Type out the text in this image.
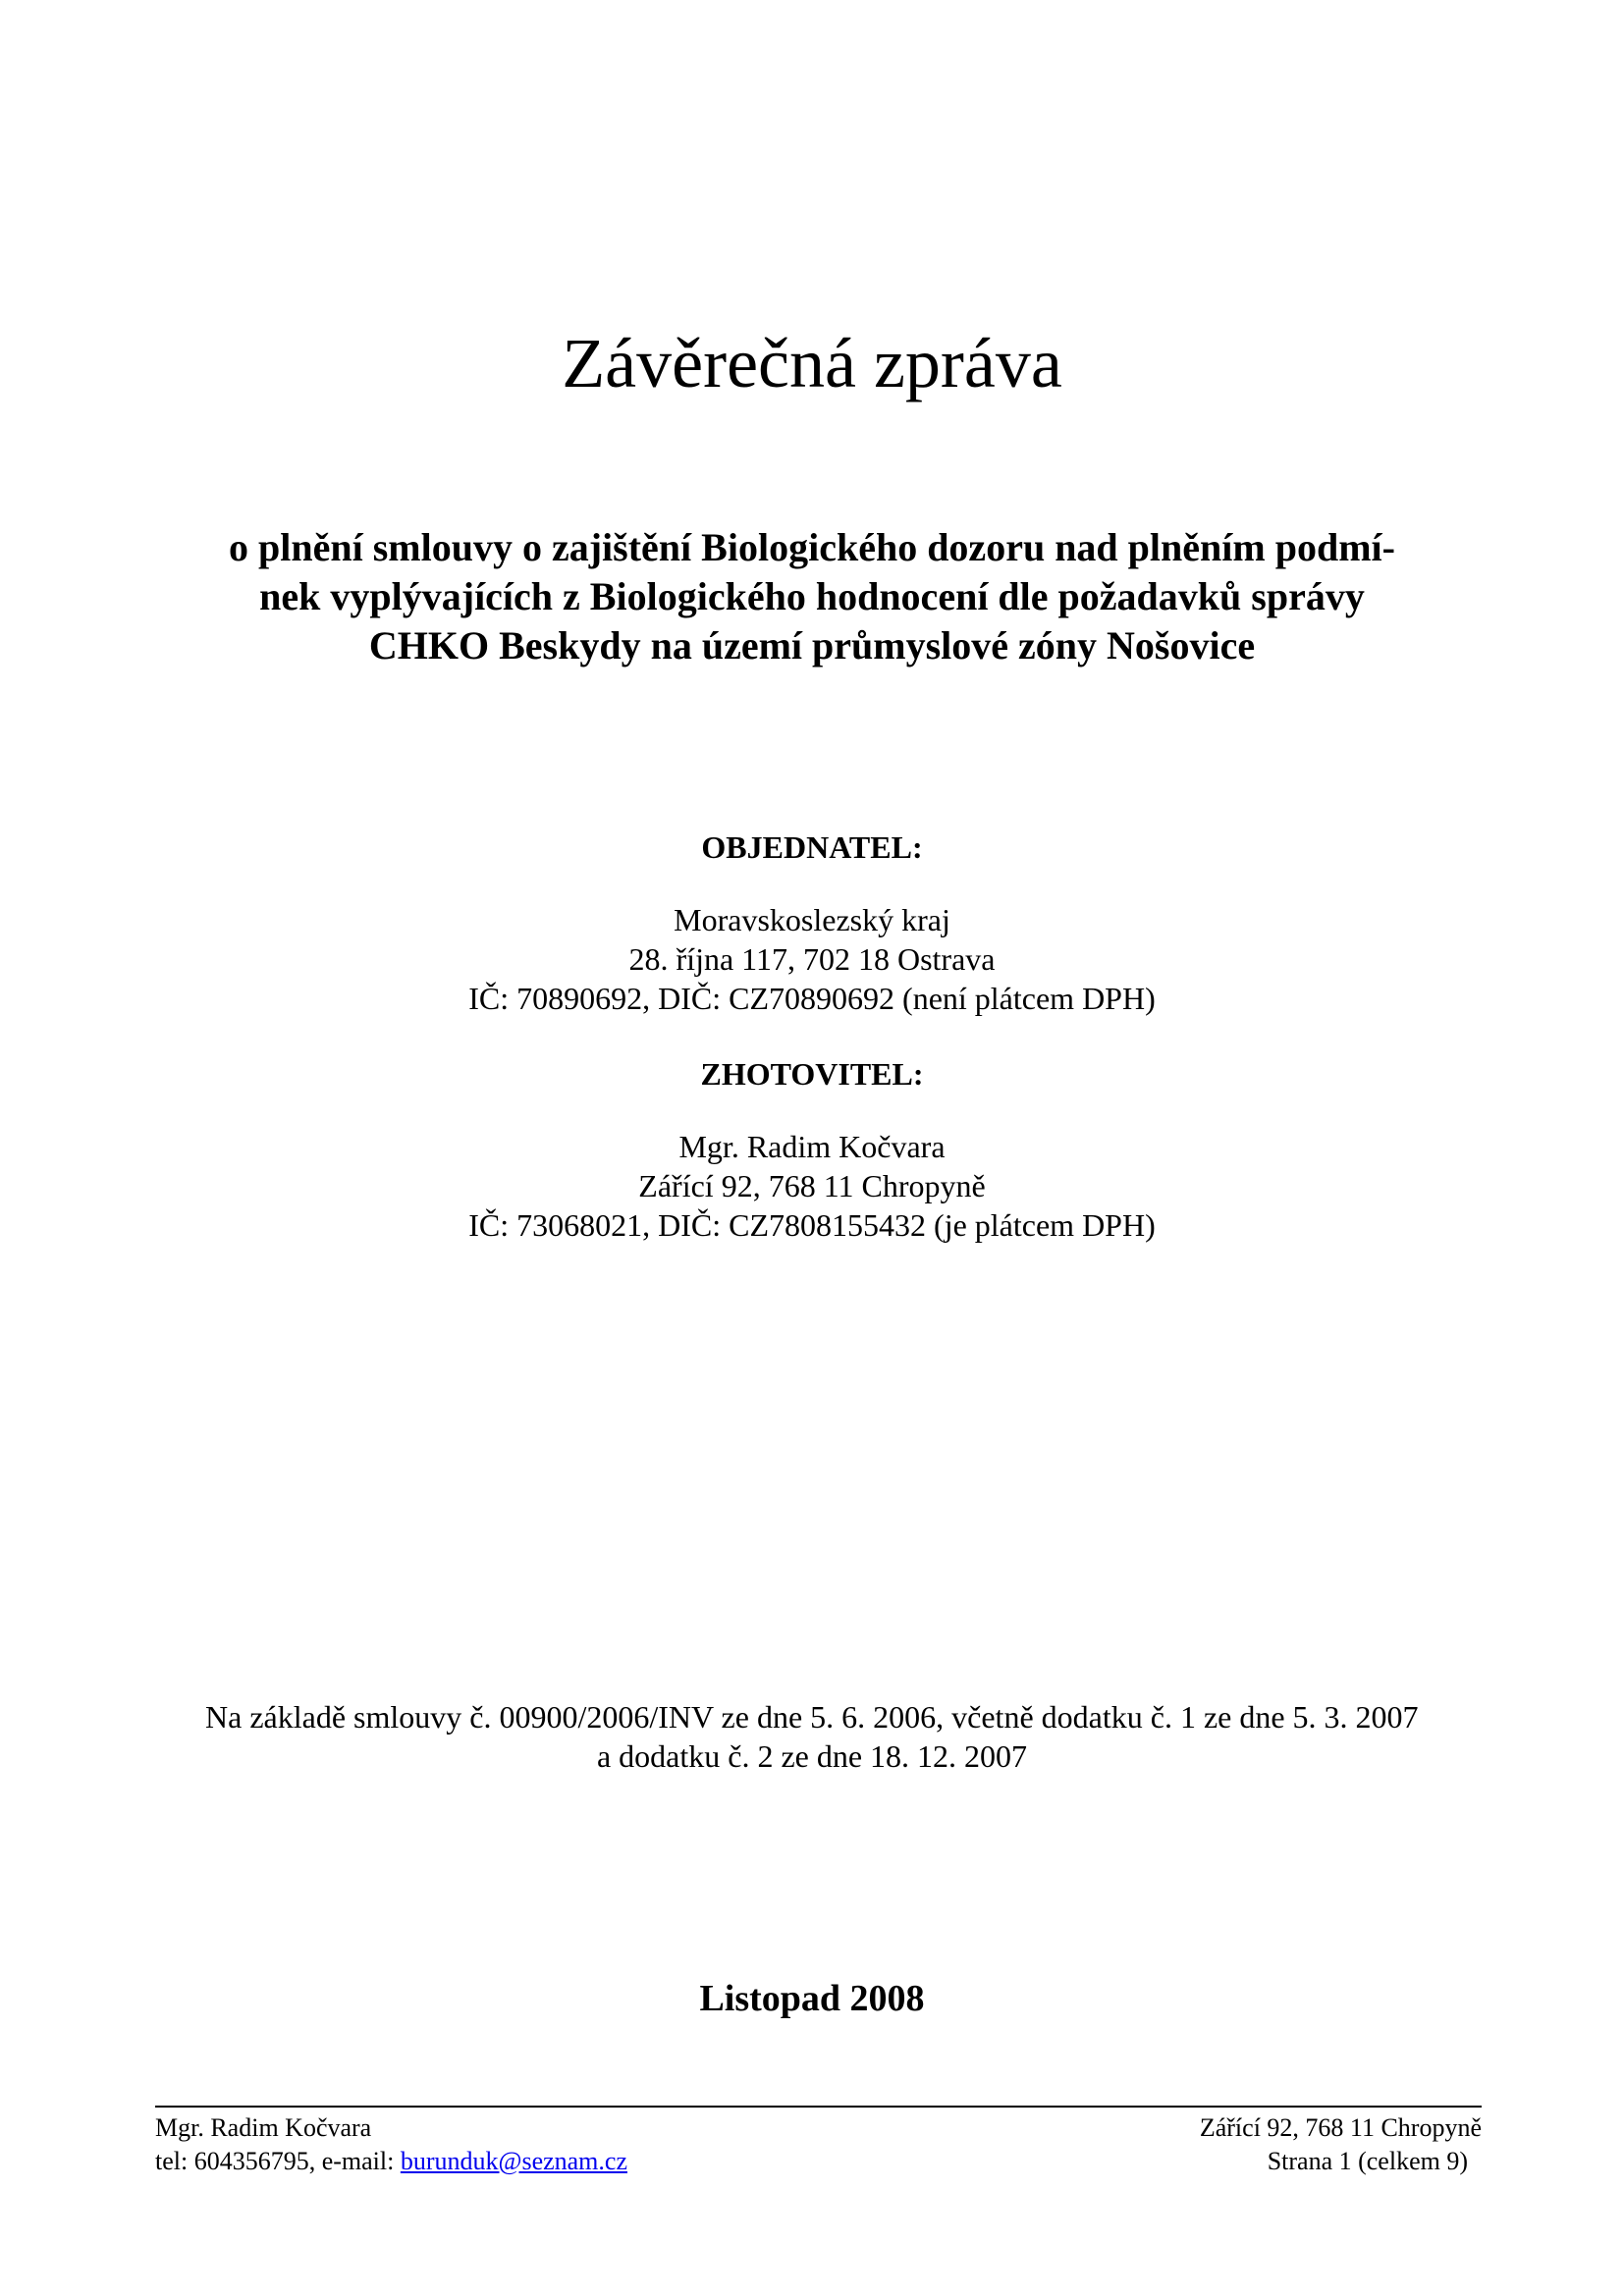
Závěrečná zpráva
o plnění smlouvy o zajištění Biologického dozoru nad plněním podmí-
nek vyplývajících z Biologického hodnocení dle požadavků správy
CHKO Beskydy na území průmyslové zóny Nošovice
OBJEDNATEL:
Moravskoslezský kraj
28. října 117, 702 18 Ostrava
IČ: 70890692, DIČ: CZ70890692 (není plátcem DPH)
ZHOTOVITEL:
Mgr. Radim Kočvara
Zářící 92, 768 11 Chropyně
IČ: 73068021, DIČ: CZ7808155432 (je plátcem DPH)
Na základě smlouvy č. 00900/2006/INV ze dne 5. 6. 2006, včetně dodatku č. 1 ze dne 5. 3. 2007
a dodatku č. 2 ze dne 18. 12. 2007
Listopad 2008
Mgr. Radim Kočvara	Zářící 92, 768 11 Chropyně
tel: 604356795, e-mail: burunduk@seznam.cz	Strana 1 (celkem 9)
